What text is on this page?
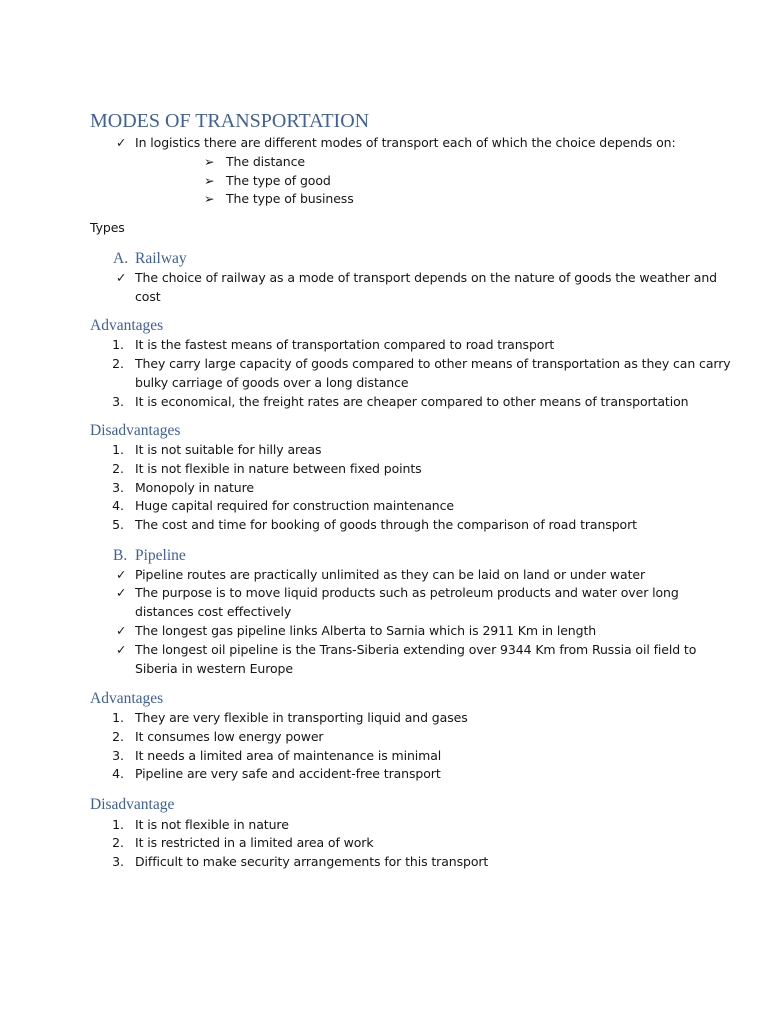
MODES OF TRANSPORTATION
✓ In logistics there are different modes of transport each of which the choice depends on:
➢ The distance
➢ The type of good
➢ The type of business
Types
A. Railway
✓ The choice of railway as a mode of transport depends on the nature of goods the weather and
cost
Advantages
1. It is the fastest means of transportation compared to road transport
2. They carry large capacity of goods compared to other means of transportation as they can carry
bulky carriage of goods over a long distance
3. It is economical, the freight rates are cheaper compared to other means of transportation
Disadvantages
1. It is not suitable for hilly areas
2. It is not flexible in nature between fixed points
3. Monopoly in nature
4. Huge capital required for construction maintenance
5. The cost and time for booking of goods through the comparison of road transport
B. Pipeline
✓ Pipeline routes are practically unlimited as they can be laid on land or under water
✓ The purpose is to move liquid products such as petroleum products and water over long
distances cost effectively
✓ The longest gas pipeline links Alberta to Sarnia which is 2911 Km in length
✓ The longest oil pipeline is the Trans-Siberia extending over 9344 Km from Russia oil field to
Siberia in western Europe
Advantages
1. They are very flexible in transporting liquid and gases
2. It consumes low energy power
3. It needs a limited area of maintenance is minimal
4. Pipeline are very safe and accident-free transport
Disadvantage
1. It is not flexible in nature
2. It is restricted in a limited area of work
3. Difficult to make security arrangements for this transport
